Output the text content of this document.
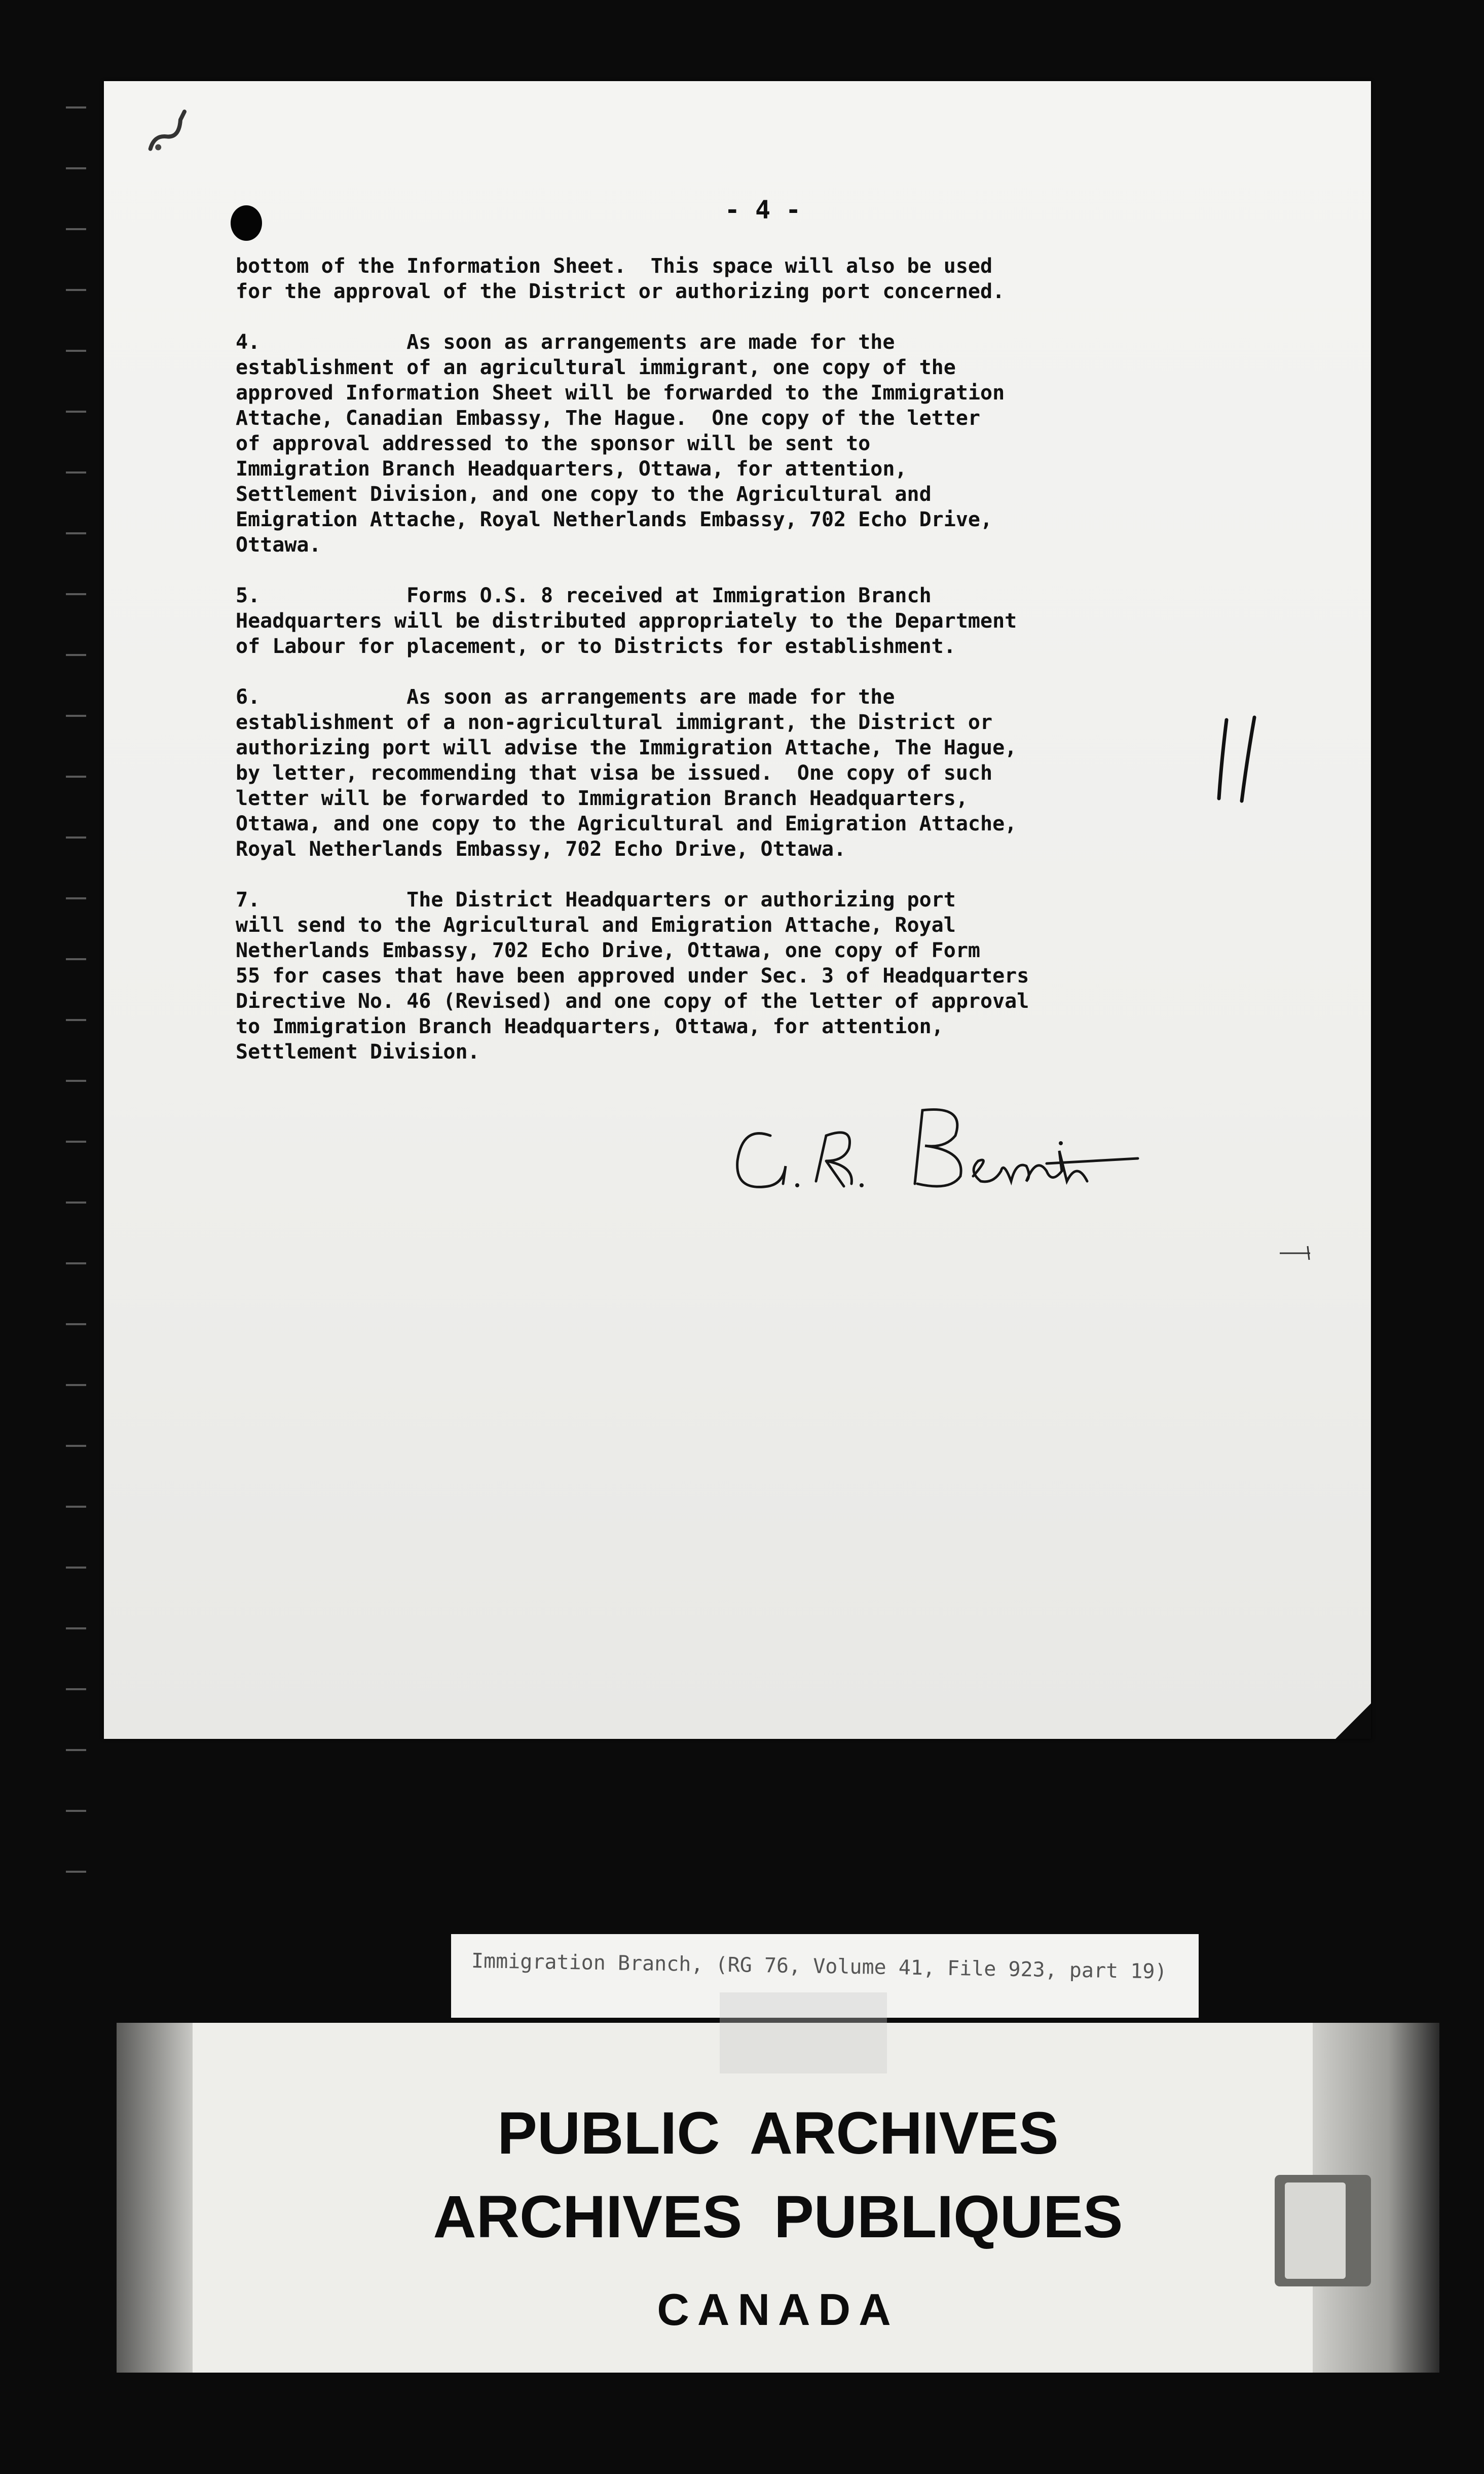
- 4 -
bottom of the Information Sheet.  This space will also be used
for the approval of the District or authorizing port concerned.
4.            As soon as arrangements are made for the
establishment of an agricultural immigrant, one copy of the
approved Information Sheet will be forwarded to the Immigration
Attache, Canadian Embassy, The Hague.  One copy of the letter
of approval addressed to the sponsor will be sent to
Immigration Branch Headquarters, Ottawa, for attention,
Settlement Division, and one copy to the Agricultural and
Emigration Attache, Royal Netherlands Embassy, 702 Echo Drive,
Ottawa.
5.            Forms O.S. 8 received at Immigration Branch
Headquarters will be distributed appropriately to the Department
of Labour for placement, or to Districts for establishment.
6.            As soon as arrangements are made for the
establishment of a non-agricultural immigrant, the District or
authorizing port will advise the Immigration Attache, The Hague,
by letter, recommending that visa be issued.  One copy of such
letter will be forwarded to Immigration Branch Headquarters,
Ottawa, and one copy to the Agricultural and Emigration Attache,
Royal Netherlands Embassy, 702 Echo Drive, Ottawa.
7.            The District Headquarters or authorizing port
will send to the Agricultural and Emigration Attache, Royal
Netherlands Embassy, 702 Echo Drive, Ottawa, one copy of Form
55 for cases that have been approved under Sec. 3 of Headquarters
Directive No. 46 (Revised) and one copy of the letter of approval
to Immigration Branch Headquarters, Ottawa, for attention,
Settlement Division.
Immigration Branch, (RG 76, Volume 41, File 923, part 19)
PUBLIC ARCHIVES
ARCHIVES PUBLIQUES
CANADA
